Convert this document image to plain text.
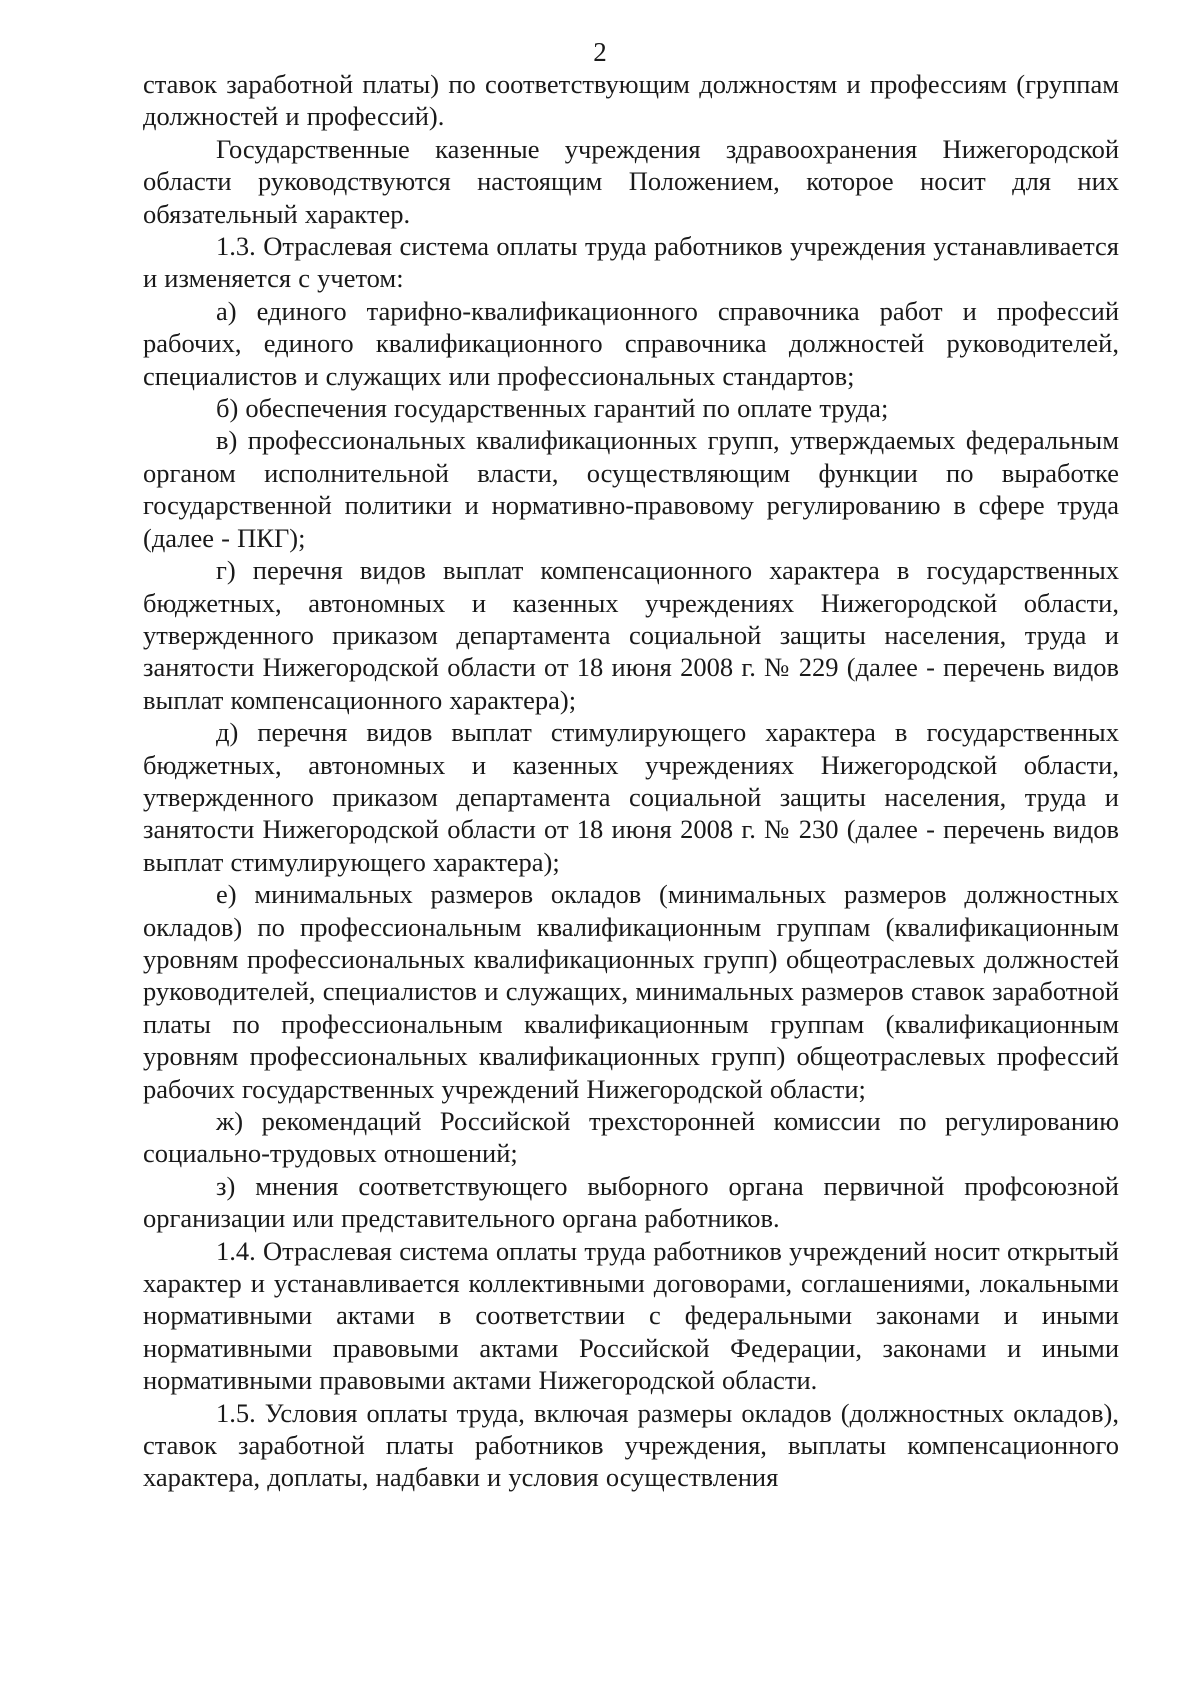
2

ставок заработной платы) по соответствующим должностям и профессиям (группам должностей и профессий).

Государственные казенные учреждения здравоохранения Нижегородской области руководствуются настоящим Положением, которое носит для них обязательный характер.

1.3. Отраслевая система оплаты труда работников учреждения устанавливается и изменяется с учетом:

а) единого тарифно-квалификационного справочника работ и профессий рабочих, единого квалификационного справочника должностей руководителей, специалистов и служащих или профессиональных стандартов;

б) обеспечения государственных гарантий по оплате труда;

в) профессиональных квалификационных групп, утверждаемых федеральным органом исполнительной власти, осуществляющим функции по выработке государственной политики и нормативно-правовому регулированию в сфере труда (далее - ПКГ);

г) перечня видов выплат компенсационного характера в государственных бюджетных, автономных и казенных учреждениях Нижегородской области, утвержденного приказом департамента социальной защиты населения, труда и занятости Нижегородской области от 18 июня 2008 г. № 229 (далее - перечень видов выплат компенсационного характера);

д) перечня видов выплат стимулирующего характера в государственных бюджетных, автономных и казенных учреждениях Нижегородской области, утвержденного приказом департамента социальной защиты населения, труда и занятости Нижегородской области от 18 июня 2008 г. № 230 (далее - перечень видов выплат стимулирующего характера);

е) минимальных размеров окладов (минимальных размеров должностных окладов) по профессиональным квалификационным группам (квалификационным уровням профессиональных квалификационных групп) общеотраслевых должностей руководителей, специалистов и служащих, минимальных размеров ставок заработной платы по профессиональным квалификационным группам (квалификационным уровням профессиональных квалификационных групп) общеотраслевых профессий рабочих государственных учреждений Нижегородской области;

ж) рекомендаций Российской трехсторонней комиссии по регулированию социально-трудовых отношений;

з) мнения соответствующего выборного органа первичной профсоюзной организации или представительного органа работников.

1.4. Отраслевая система оплаты труда работников учреждений носит открытый характер и устанавливается коллективными договорами, соглашениями, локальными нормативными актами в соответствии с федеральными законами и иными нормативными правовыми актами Российской Федерации, законами и иными нормативными правовыми актами Нижегородской области.

1.5. Условия оплаты труда, включая размеры окладов (должностных окладов), ставок заработной платы работников учреждения, выплаты компенсационного характера, доплаты, надбавки и условия осуществления
